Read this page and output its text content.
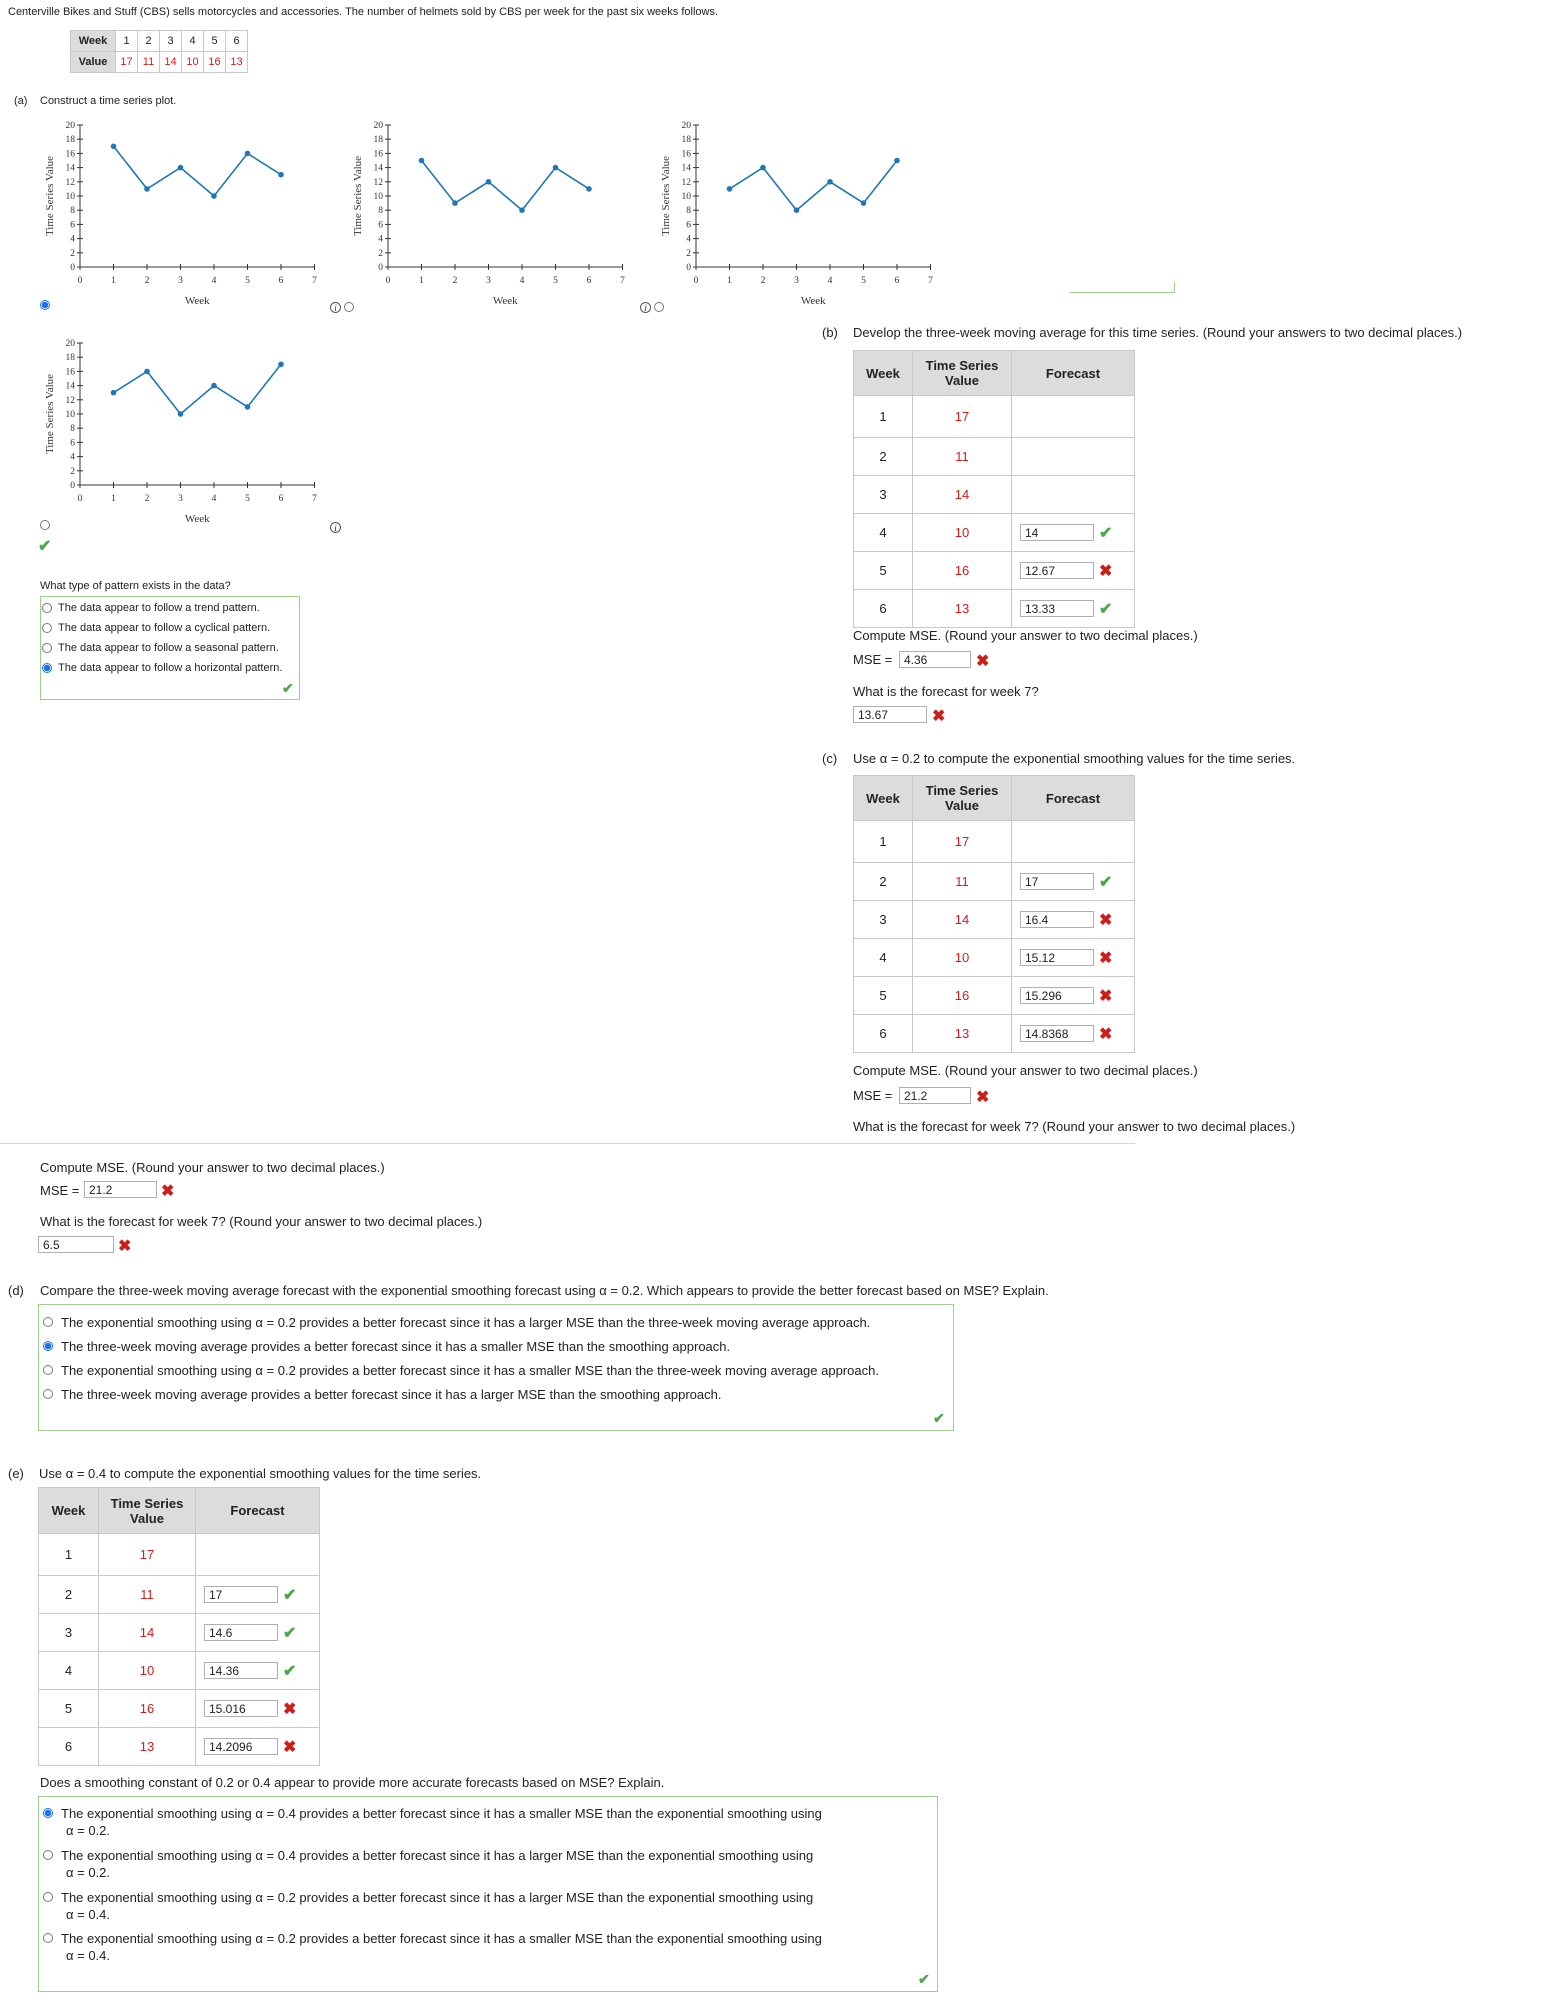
Centerville Bikes and Stuff (CBS) sells motorcycles and accessories. The number of helmets sold by CBS per week for the past six weeks follows.
Week	1	2	3	4	5	6
Value	17	11	14	10	16	13
(a) Construct a time series plot.
0
2
4
6
8
10
12
14
16
18
20
0	1	2	3	4	5	6	7
Week
Time Series Value
0
2
4
6
8
10
12
14
16
18
20
0	1	2	3	4	5	6	7
Week
Time Series Value
0
2
4
6
8
10
12
14
16
18
20
0	1	2	3	4	5	6	7
Week
Time Series Value
0
2
4
6
8
10
12
14
16
18
20
0	1	2	3	4	5	6	7
Week
Time Series Value
i	i
i
✔
What type of pattern exists in the data?
The data appear to follow a trend pattern.
The data appear to follow a cyclical pattern.
The data appear to follow a seasonal pattern.
The data appear to follow a horizontal pattern.
✔
(b) Develop the three-week moving average for this time series. (Round your answers to two decimal places.)
Week	Time Series Value	Forecast
1	17	
2	11	
3	14	
4	10	14 ✔

5	16	12.67 ✖

6	13	13.33 ✔
Compute MSE. (Round your answer to two decimal places.)
MSE = 4.36	✖
What is the forecast for week 7?
13.67	✖
(c) Use α = 0.2 to compute the exponential smoothing values for the time series.
Week	Time Series Value	Forecast
1	17	
2	11	17 ✔

3	14	16.4 ✖

4	10	15.12 ✖

5	16	15.296 ✖

6	13	14.8368 ✖
Compute MSE. (Round your answer to two decimal places.)
MSE = 21.2	✖
What is the forecast for week 7? (Round your answer to two decimal places.)
Compute MSE. (Round your answer to two decimal places.)
MSE = 21.2	✖
What is the forecast for week 7? (Round your answer to two decimal places.)
6.5	✖
(d) Compare the three-week moving average forecast with the exponential smoothing forecast using α = 0.2. Which appears to provide the better forecast based on MSE? Explain.
The exponential smoothing using α = 0.2 provides a better forecast since it has a larger MSE than the three-week moving average approach.
The three-week moving average provides a better forecast since it has a smaller MSE than the smoothing approach.
The exponential smoothing using α = 0.2 provides a better forecast since it has a smaller MSE than the three-week moving average approach.
The three-week moving average provides a better forecast since it has a larger MSE than the smoothing approach.
✔
(e) Use α = 0.4 to compute the exponential smoothing values for the time series.
Week	Time Series Value	Forecast
1	17	
2	11	17 ✔

3	14	14.6 ✔

4	10	14.36 ✔

5	16	15.016 ✖

6	13	14.2096 ✖
Does a smoothing constant of 0.2 or 0.4 appear to provide more accurate forecasts based on MSE? Explain.
The exponential smoothing using α = 0.4 provides a better forecast since it has a smaller MSE than the exponential smoothing using
α = 0.2.
The exponential smoothing using α = 0.4 provides a better forecast since it has a larger MSE than the exponential smoothing using
α = 0.2.
The exponential smoothing using α = 0.2 provides a better forecast since it has a larger MSE than the exponential smoothing using
α = 0.4.
The exponential smoothing using α = 0.2 provides a better forecast since it has a smaller MSE than the exponential smoothing using
α = 0.4.
✔
